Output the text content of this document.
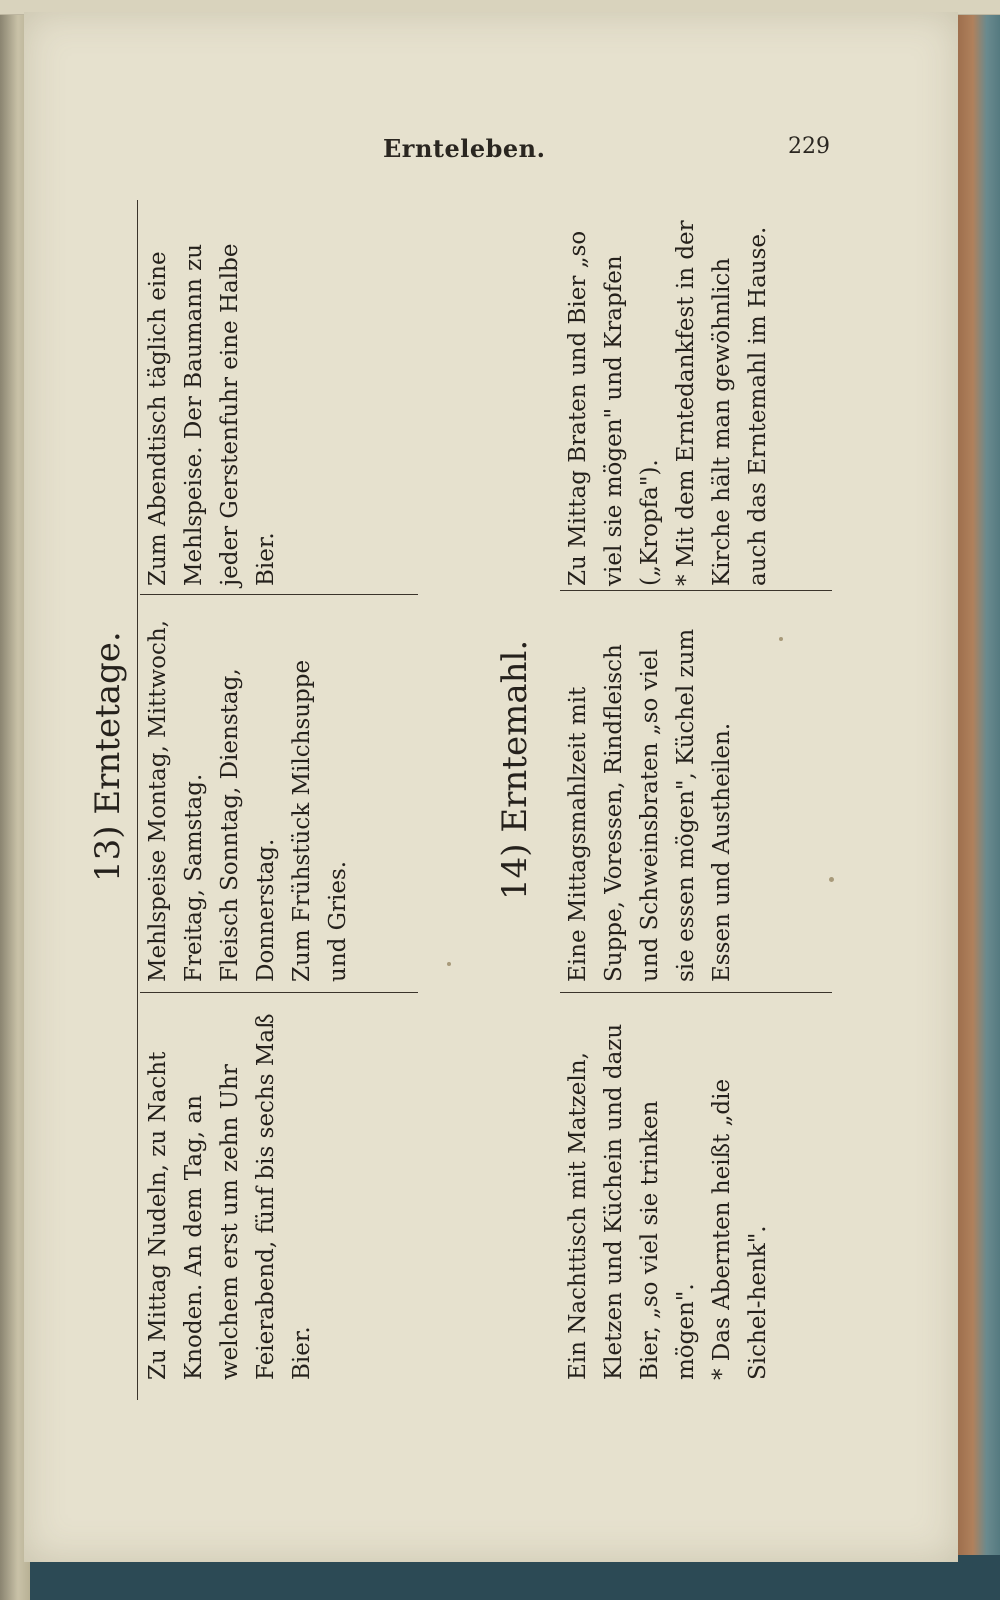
Ernteleben.	229
13) Erntetage.

Zu Mittag Nudeln, zu Nacht Knoden. An dem Tag, an welchem erst um zehn Uhr Feierabend, fünf bis sechs Maß Bier.

Mehlspeise Montag, Mittwoch, Freitag, Samstag. Fleisch Sonntag, Dienstag, Donnerstag. Zum Frühstück Milchsuppe und Gries.

Zum Abendtisch täglich eine Mehlspeise. Der Baumann zu jeder Gerstenfuhr eine Halbe Bier.

14) Erntemahl.

Ein Nachttisch mit Matzeln, Kletzen und Küchein und dazu Bier, „so viel sie trinken mögen". * Das Abernten heißt „die Sichel-henk".

Eine Mittagsmahlzeit mit Suppe, Voressen, Rindfleisch und Schweinsbraten „so viel sie essen mögen", Küchel zum Essen und Austheilen.

Zu Mittag Braten und Bier „so viel sie mögen" und Krapfen („Kropfa"). * Mit dem Erntedankfest in der Kirche hält man gewöhnlich auch das Erntemahl im Hause.
